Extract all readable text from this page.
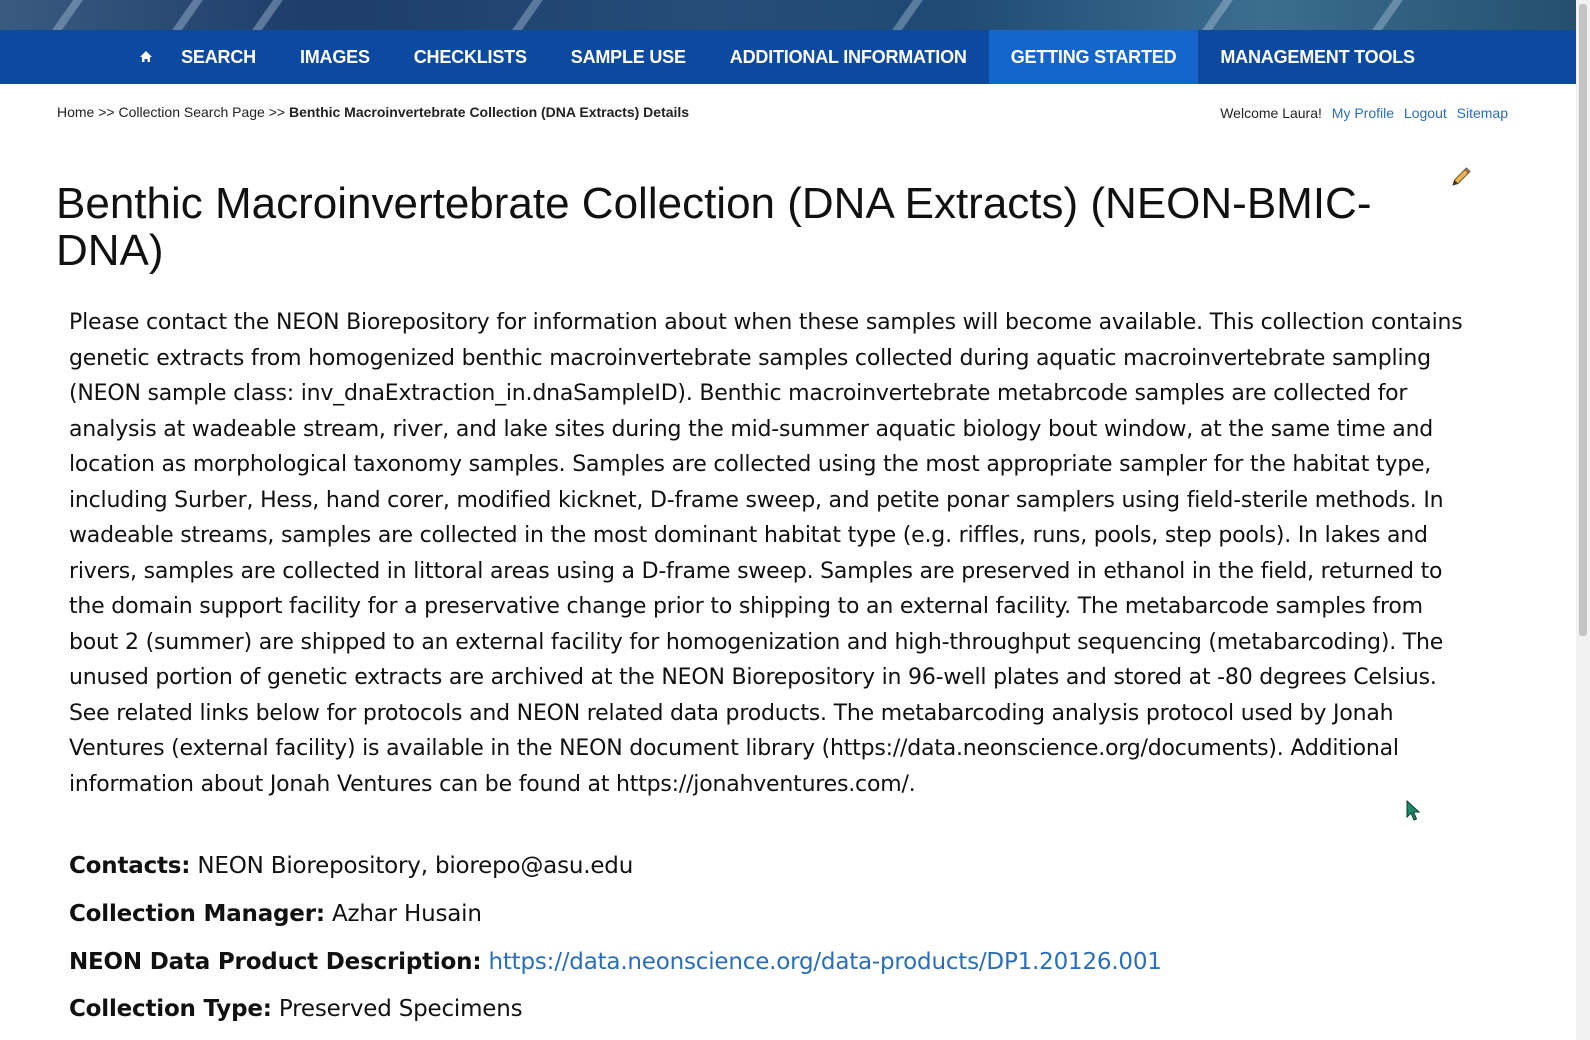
SEARCH	IMAGES	CHECKLISTS	SAMPLE USE	ADDITIONAL INFORMATION	GETTING STARTED	MANAGEMENT TOOLS
Home >> Collection Search Page >> Benthic Macroinvertebrate Collection (DNA Extracts) Details	Welcome Laura! My Profile Logout Sitemap
Benthic Macroinvertebrate Collection (DNA Extracts) (NEON-BMIC-DNA)

Please contact the NEON Biorepository for information about when these samples will become available. This collection contains genetic extracts from homogenized benthic macroinvertebrate samples collected during aquatic macroinvertebrate sampling (NEON sample class: inv_dnaExtraction_in.dnaSampleID). Benthic macroinvertebrate metabrcode samples are collected for analysis at wadeable stream, river, and lake sites during the mid-summer aquatic biology bout window, at the same time and location as morphological taxonomy samples. Samples are collected using the most appropriate sampler for the habitat type, including Surber, Hess, hand corer, modified kicknet, D-frame sweep, and petite ponar samplers using field-sterile methods. In wadeable streams, samples are collected in the most dominant habitat type (e.g. riffles, runs, pools, step pools). In lakes and rivers, samples are collected in littoral areas using a D-frame sweep. Samples are preserved in ethanol in the field, returned to the domain support facility for a preservative change prior to shipping to an external facility. The metabarcode samples from bout 2 (summer) are shipped to an external facility for homogenization and high-throughput sequencing (metabarcoding). The unused portion of genetic extracts are archived at the NEON Biorepository in 96-well plates and stored at -80 degrees Celsius. See related links below for protocols and NEON related data products. The metabarcoding analysis protocol used by Jonah Ventures (external facility) is available in the NEON document library (https://data.neonscience.org/documents). Additional information about Jonah Ventures can be found at https://jonahventures.com/.

Contacts: NEON Biorepository, biorepo@asu.edu
Collection Manager: Azhar Husain
NEON Data Product Description: https://data.neonscience.org/data-products/DP1.20126.001
Collection Type: Preserved Specimens
